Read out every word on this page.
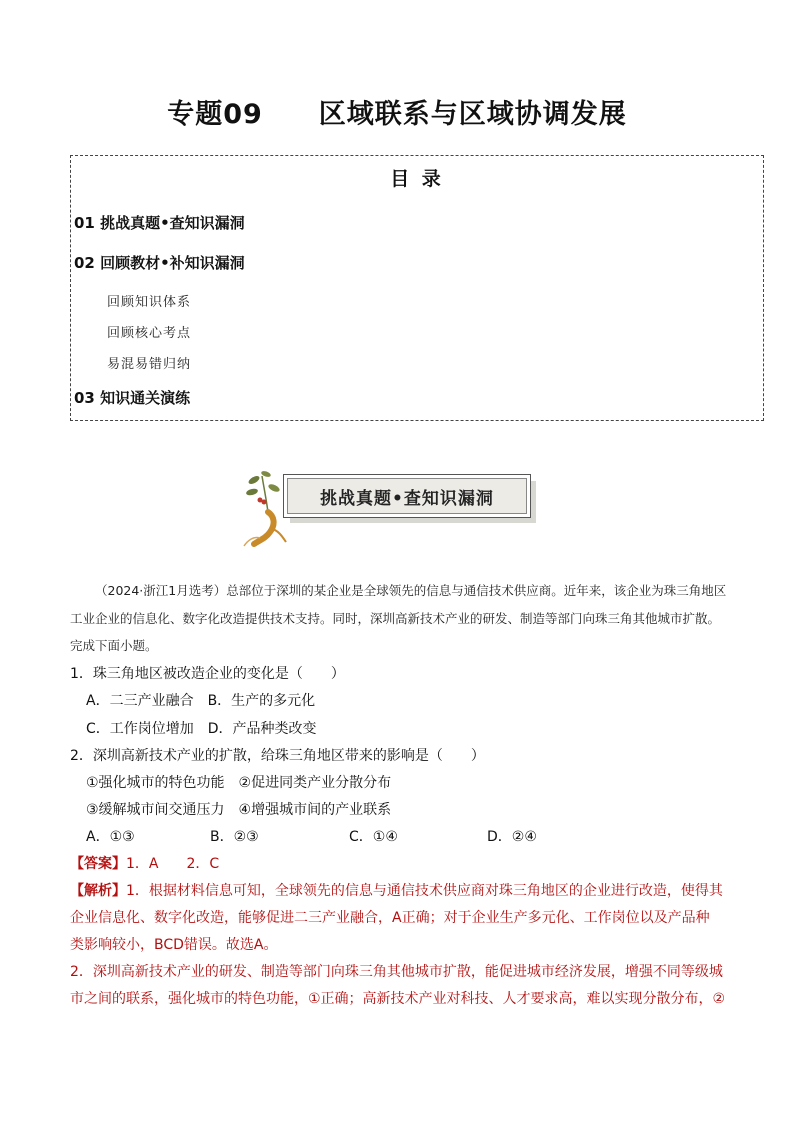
专题09　　区域联系与区域协调发展
目 录
01 挑战真题•查知识漏洞
02 回顾教材•补知识漏洞
回顾知识体系
回顾核心考点
易混易错归纳
03 知识通关演练
挑战真题•查知识漏洞
（2024·浙江1月选考）总部位于深圳的某企业是全球领先的信息与通信技术供应商。近年来，该企业为珠三角地区工业企业的信息化、数字化改造提供技术支持。同时，深圳高新技术产业的研发、制造等部门向珠三角其他城市扩散。完成下面小题。
1．珠三角地区被改造企业的变化是（　　）
A．二三产业融合　B．生产的多元化
C．工作岗位增加　D．产品种类改变
2．深圳高新技术产业的扩散，给珠三角地区带来的影响是（　　）
①强化城市的特色功能　②促进同类产业分散分布
③缓解城市间交通压力　④增强城市间的产业联系
A．①③	B．②③	C．①④	D．②④
【答案】1．A　　2．C
【解析】1．根据材料信息可知，全球领先的信息与通信技术供应商对珠三角地区的企业进行改造，使得其
企业信息化、数字化改造，能够促进二三产业融合，A正确；对于企业生产多元化、工作岗位以及产品种
类影响较小，BCD错误。故选A。
2．深圳高新技术产业的研发、制造等部门向珠三角其他城市扩散，能促进城市经济发展，增强不同等级城
市之间的联系，强化城市的特色功能，①正确；高新技术产业对科技、人才要求高，难以实现分散分布，②
